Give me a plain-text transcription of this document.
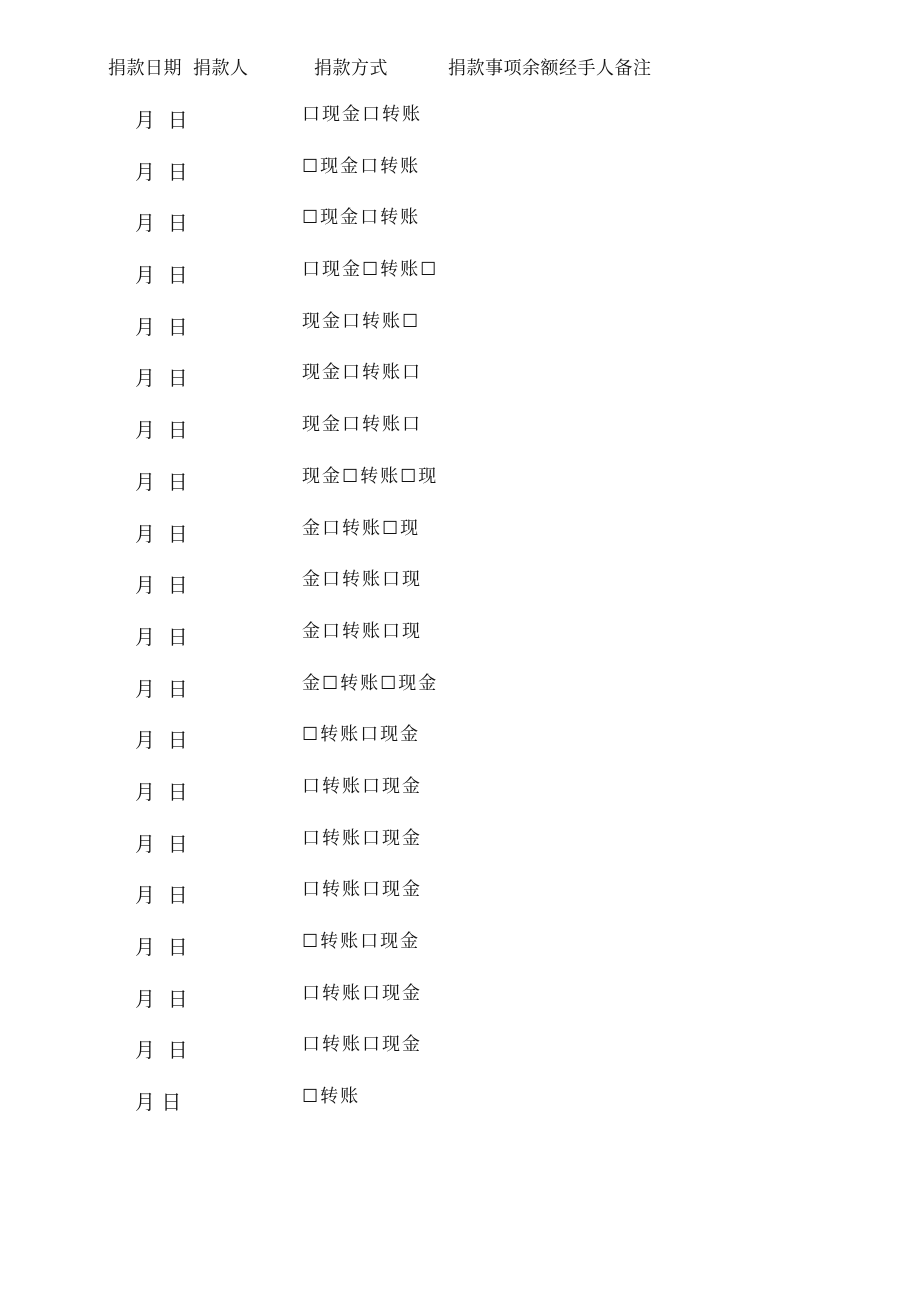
捐款日期 捐款人	捐款方式	捐款事项余额经手人备注
月  日	口现金口转账
月  日	☐现金口转账
月  日	☐现金口转账
月  日	口现金☐转账☐
月  日	现金口转账☐
月  日	现金口转账口
月  日	现金口转账口
月  日	现金☐转账☐现
月  日	金口转账☐现
月  日	金口转账口现
月  日	金口转账口现
月  日	金☐转账☐现金
月  日	☐转账口现金
月  日	口转账口现金
月  日	口转账口现金
月  日	口转账口现金
月  日	☐转账口现金
月  日	口转账口现金
月  日	口转账口现金
月 日	☐转账
